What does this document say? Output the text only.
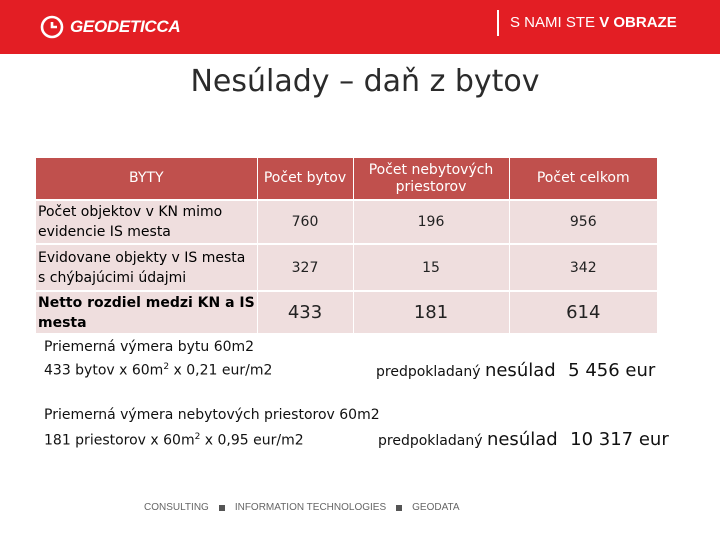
GEODETICCA	S NAMI STE V OBRAZE
Nesúlady – daň z bytov
BYTY	Počet bytov	Počet nebytových priestorov	Počet celkom
Počet objektov v KN mimo evidencie IS mesta	760	196	956
Evidovane objekty v IS mesta s chýbajúcimi údajmi	327	15	342
Netto rozdiel medzi KN a IS mesta	433	181	614
Priemerná výmera bytu 60m2
433 bytov x $60m^2$ x 0,21 eur/m2	predpokladaný nesúlad 5 456 eur
Priemerná výmera nebytových priestorov 60m2
181 priestorov x $60m^2$ x 0,95 eur/m2	predpokladaný nesúlad 10 317 eur
CONSULTING	INFORMATION TECHNOLOGIES	GEODATA
